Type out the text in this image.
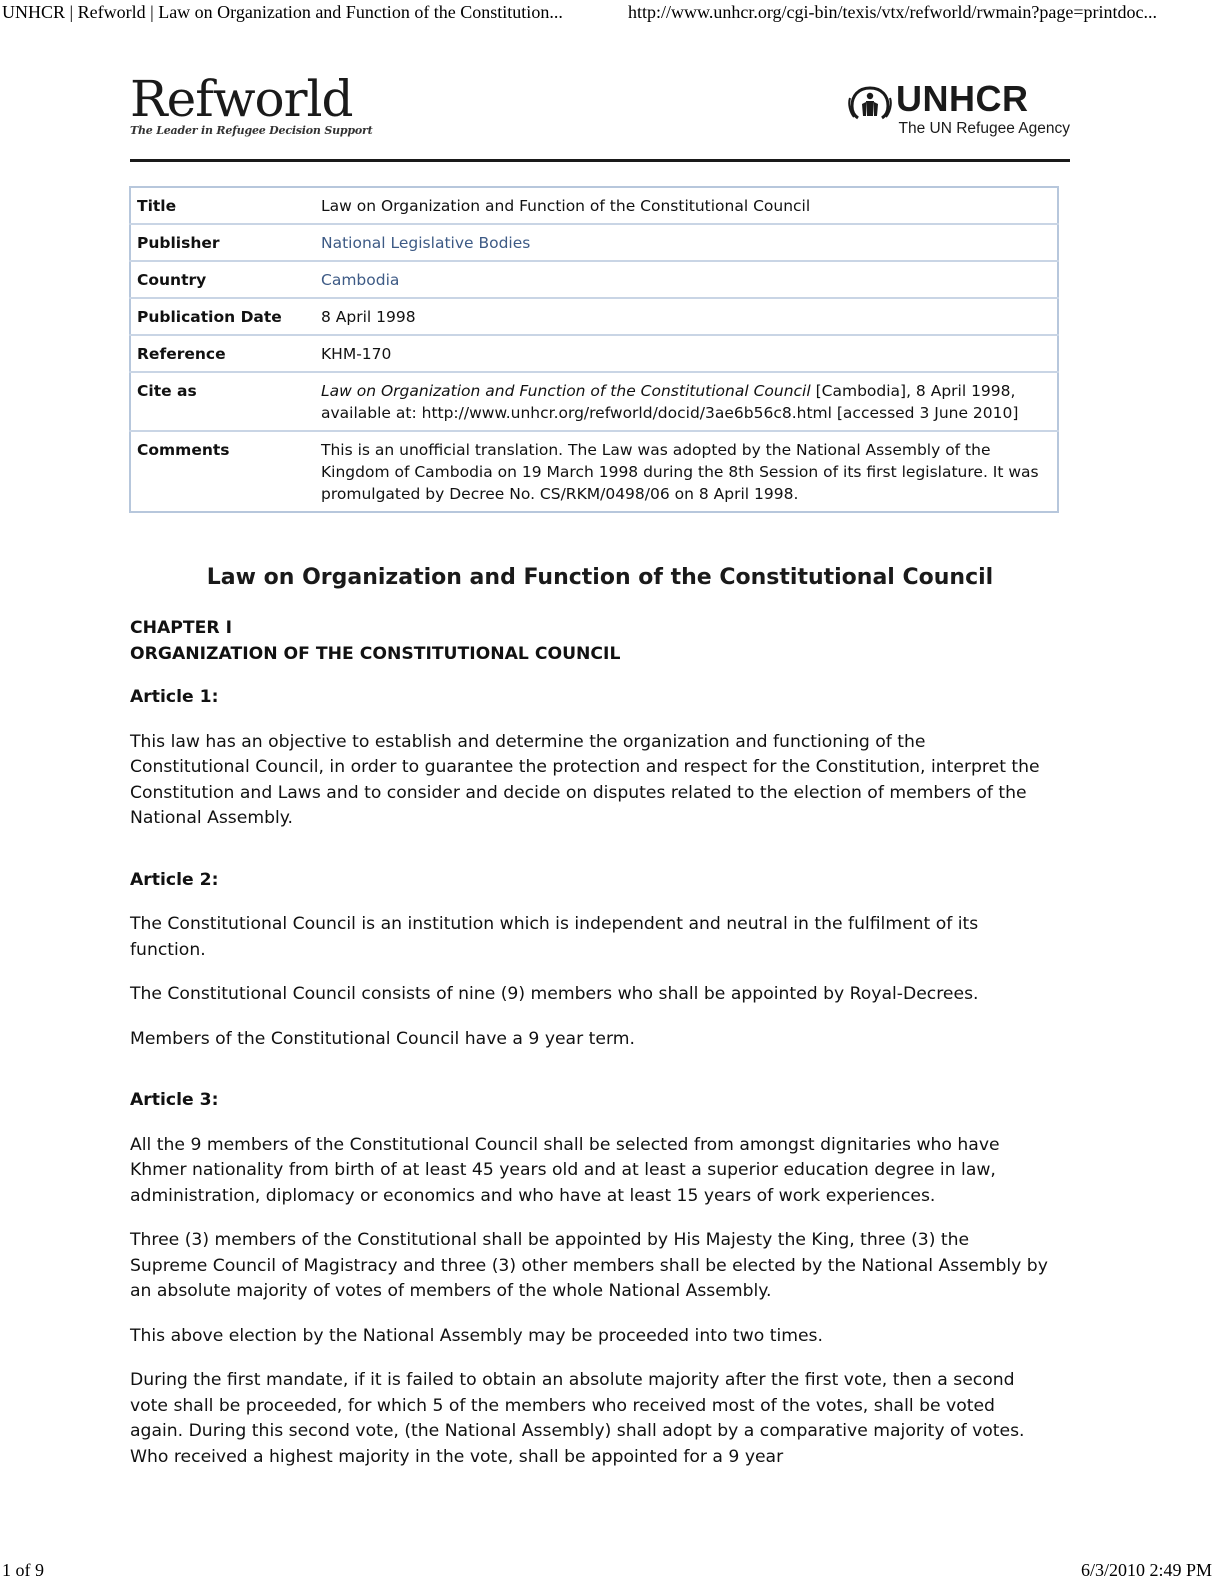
UNHCR | Refworld | Law on Organization and Function of the Constitution...	http://www.unhcr.org/cgi-bin/texis/vtx/refworld/rwmain?page=printdoc...
Refworld
The Leader in Refugee Decision Support
UNHCR
The UN Refugee Agency
Title	Law on Organization and Function of the Constitutional Council
Publisher	National Legislative Bodies
Country	Cambodia
Publication Date	8 April 1998
Reference	KHM-170
Cite as	Law on Organization and Function of the Constitutional Council [Cambodia], 8 April 1998, available at: http://www.unhcr.org/refworld/docid/3ae6b56c8.html [accessed 3 June 2010]
Comments	This is an unofficial translation. The Law was adopted by the National Assembly of the Kingdom of Cambodia on 19 March 1998 during the 8th Session of its first legislature. It was promulgated by Decree No. CS/RKM/0498/06 on 8 April 1998.
Law on Organization and Function of the Constitutional Council
CHAPTER I
ORGANIZATION OF THE CONSTITUTIONAL COUNCIL

Article 1:

This law has an objective to establish and determine the organization and functioning of the Constitutional Council, in order to guarantee the protection and respect for the Constitution, interpret the Constitution and Laws and to consider and decide on disputes related to the election of members of the National Assembly.

Article 2:

The Constitutional Council is an institution which is independent and neutral in the fulfilment of its function.

The Constitutional Council consists of nine (9) members who shall be appointed by Royal-Decrees.

Members of the Constitutional Council have a 9 year term.

Article 3:

All the 9 members of the Constitutional Council shall be selected from amongst dignitaries who have Khmer nationality from birth of at least 45 years old and at least a superior education degree in law, administration, diplomacy or economics and who have at least 15 years of work experiences.

Three (3) members of the Constitutional shall be appointed by His Majesty the King, three (3) the Supreme Council of Magistracy and three (3) other members shall be elected by the National Assembly by an absolute majority of votes of members of the whole National Assembly.

This above election by the National Assembly may be proceeded into two times.

During the first mandate, if it is failed to obtain an absolute majority after the first vote, then a second vote shall be proceeded, for which 5 of the members who received most of the votes, shall be voted again. During this second vote, (the National Assembly) shall adopt by a comparative majority of votes. Who received a highest majority in the vote, shall be appointed for a 9 year

1 of 9	6/3/2010 2:49 PM
